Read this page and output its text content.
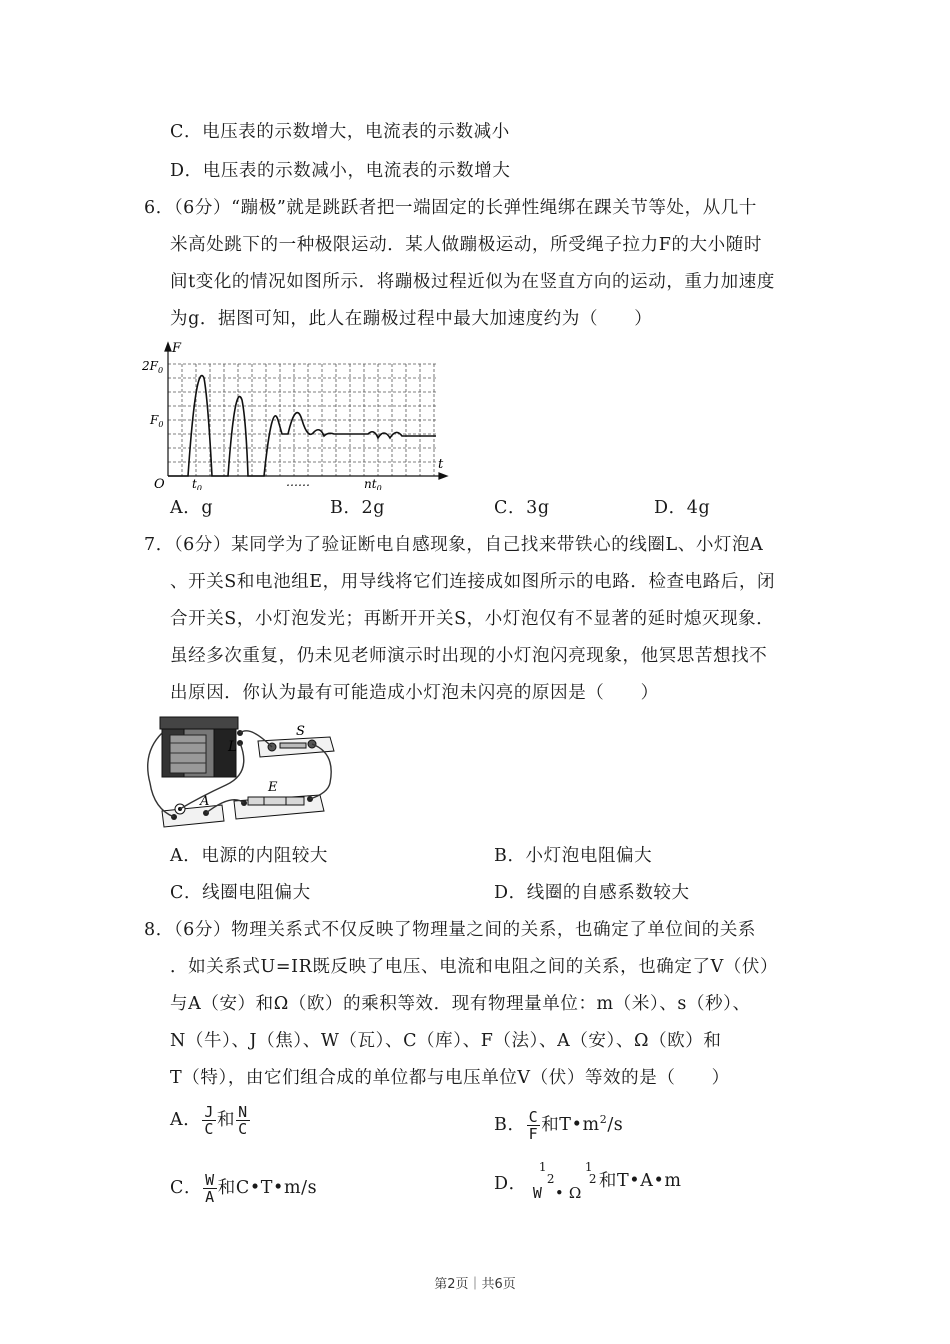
C．电压表的示数增大，电流表的示数减小
D．电压表的示数减小，电流表的示数增大
6．（6分）“蹦极”就是跳跃者把一端固定的长弹性绳绑在踝关节等处，从几十
米高处跳下的一种极限运动．某人做蹦极运动，所受绳子拉力F的大小随时
间t变化的情况如图所示．将蹦极过程近似为在竖直方向的运动，重力加速度
为g．据图可知，此人在蹦极过程中最大加速度约为（　　）
$2F_0$
$F_0$
F
O $t_0$	……	$nt_0$
t
A．g	B．2g	C．3g	D．4g
7．（6分）某同学为了验证断电自感现象，自己找来带铁心的线圈L、小灯泡A
、开关S和电池组E，用导线将它们连接成如图所示的电路．检查电路后，闭
合开关S，小灯泡发光；再断开开关S，小灯泡仅有不显著的延时熄灭现象．
虽经多次重复，仍未见老师演示时出现的小灯泡闪亮现象，他冥思苦想找不
出原因．你认为最有可能造成小灯泡未闪亮的原因是（　　）
L
S
E
A
A．电源的内阻较大	B．小灯泡电阻偏大
C．线圈电阻偏大	D．线圈的自感系数较大
8．（6分）物理关系式不仅反映了物理量之间的关系，也确定了单位间的关系
．如关系式U=IR既反映了电压、电流和电阻之间的关系，也确定了V（伏）
与A（安）和Ω（欧）的乘积等效．现有物理量单位：m（米）、s（秒）、
N（牛）、J（焦）、W（瓦）、C（库）、F（法）、A（安）、Ω（欧）和
T（特），由它们组合成的单位都与电压单位V（伏）等效的是（　　）
A． $\frac{J}{C}$ 和 $\frac{N}{C}$	B． $\frac{C}{F}$ 和$T•m^2/s$
C． $\frac{W}{A}$ 和C•T•m/s	D．
1
2
W • Ω
1
2 和T•A•m
第2页｜共6页
